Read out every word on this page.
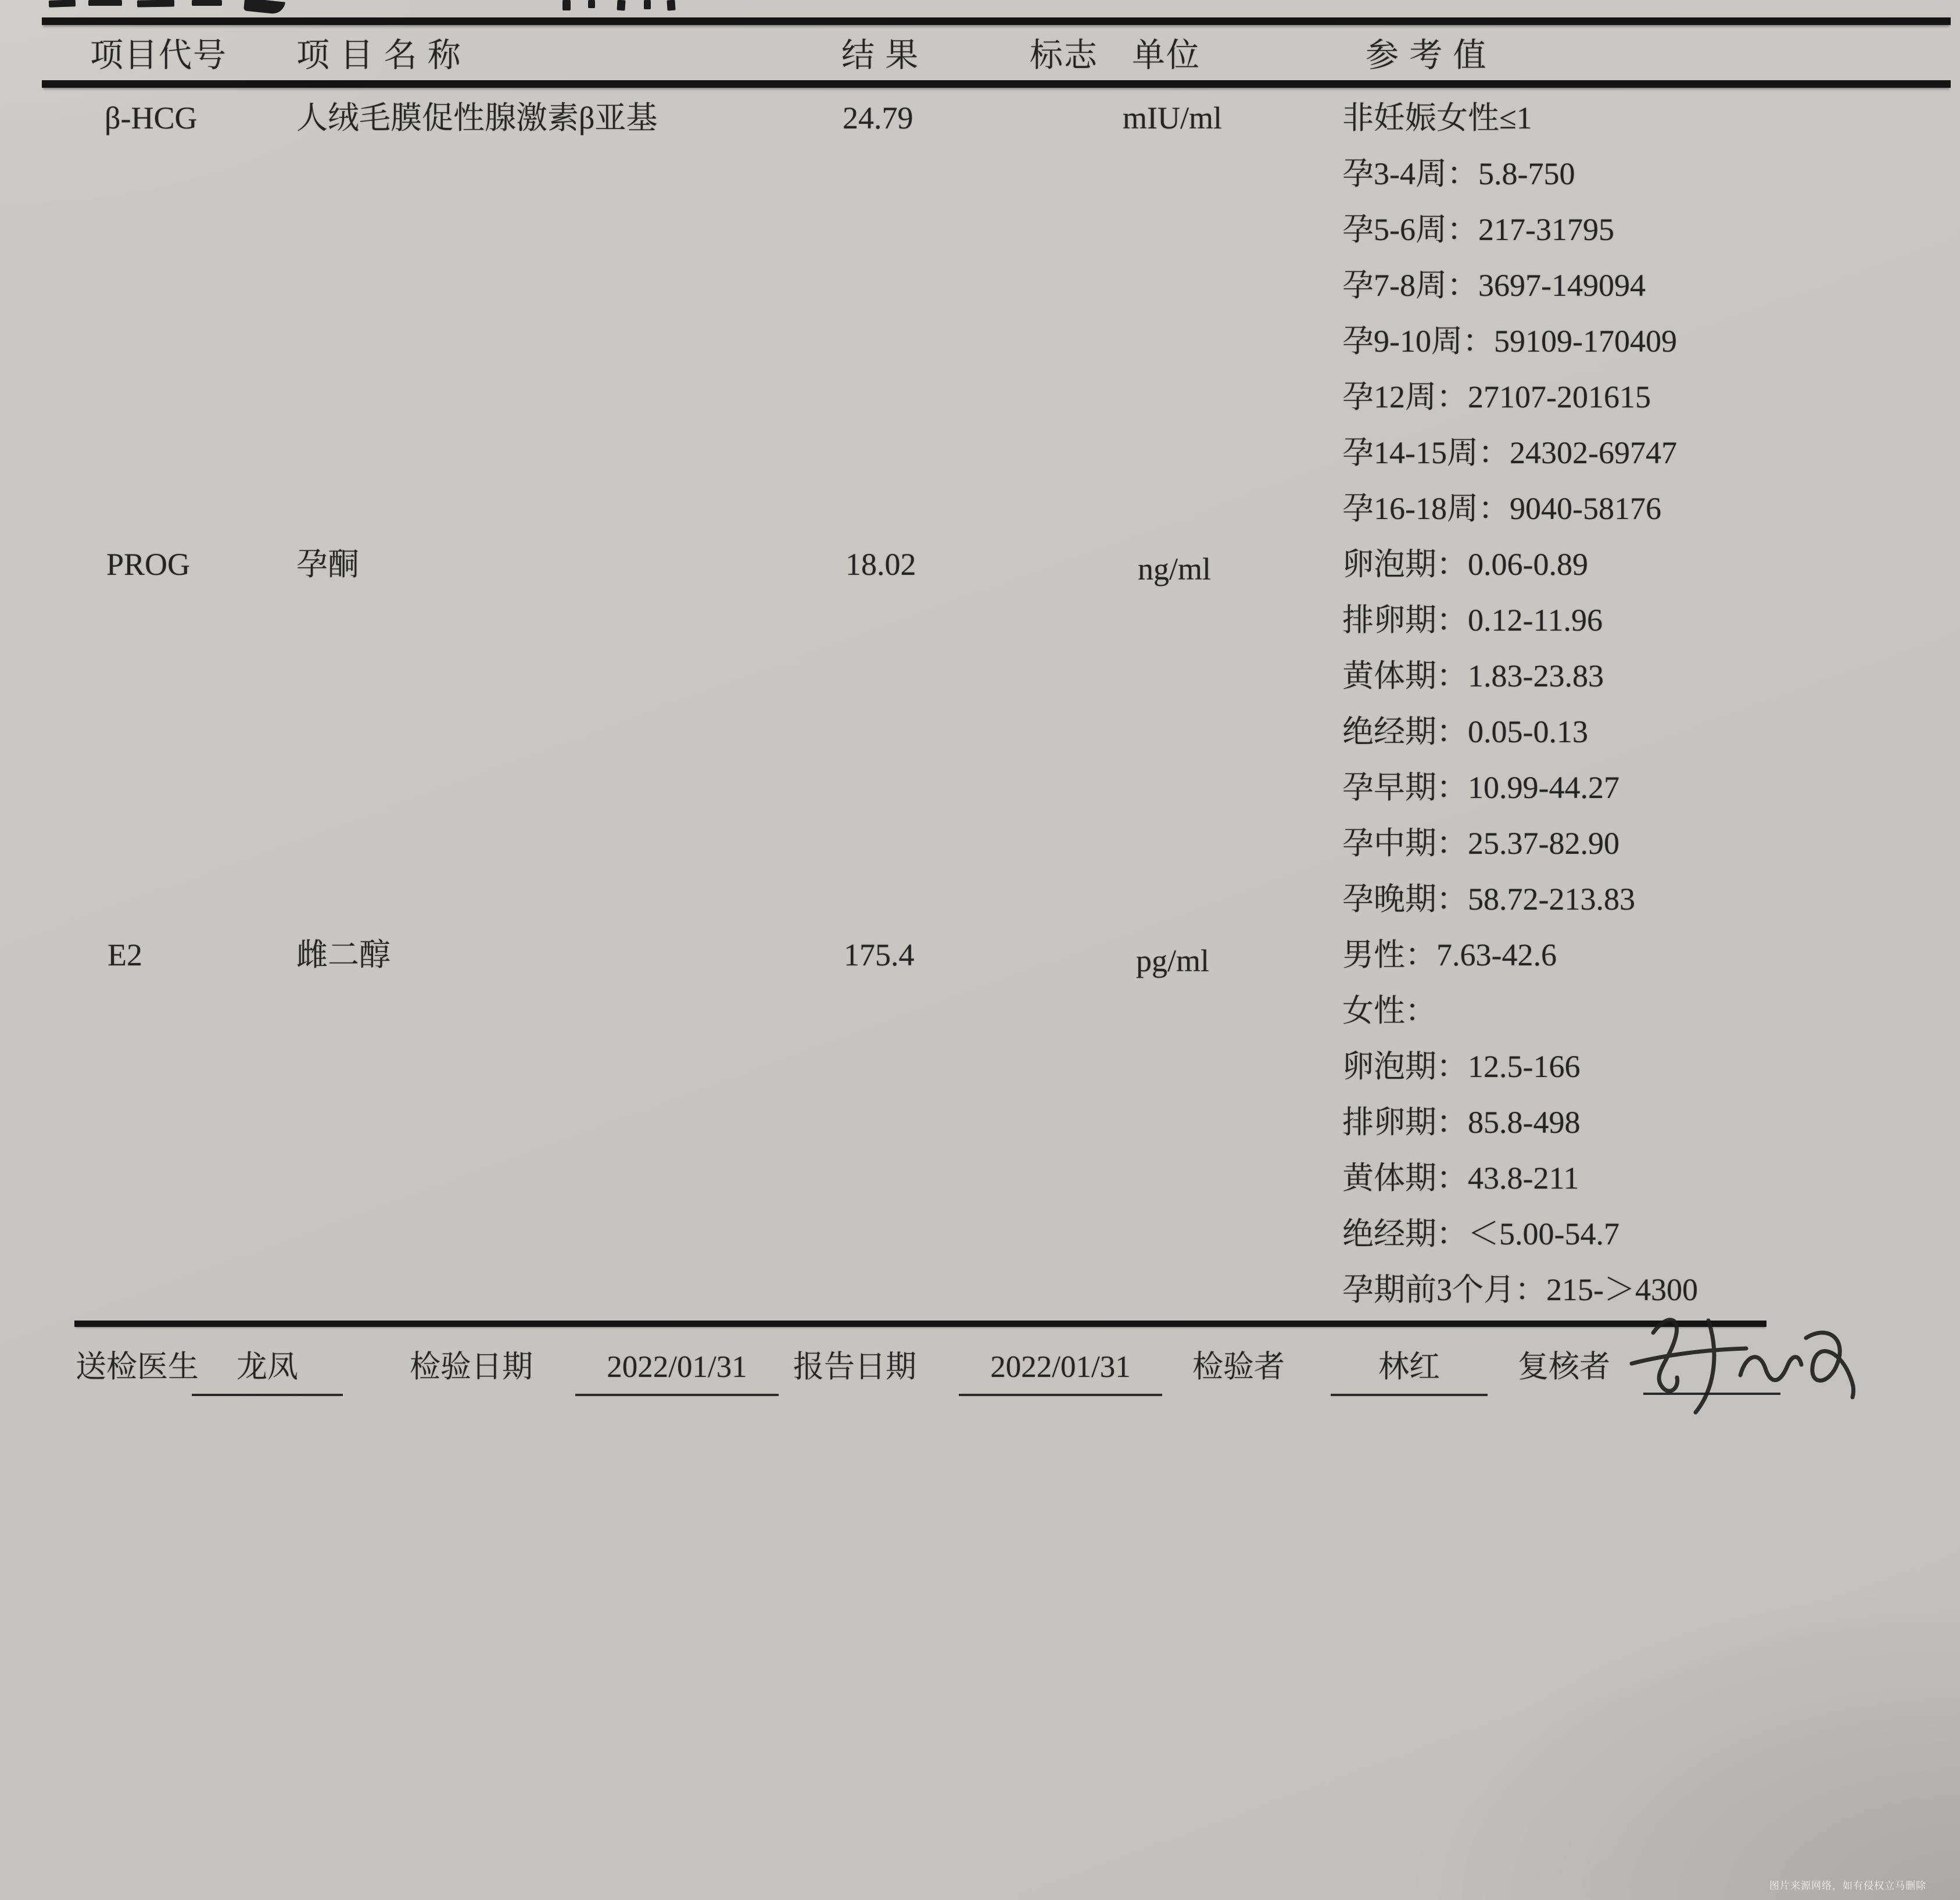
项目代号 项 目 名 称	结 果	标志 单位	参 考 值
β-HCG	人绒毛膜促性腺激素β亚基	24.79	mIU/ml	非妊娠女性≤1
孕3-4周：5.8-750
孕5-6周：217-31795
孕7-8周：3697-149094
孕9-10周：59109-170409
孕12周：27107-201615
孕14-15周：24302-69747
孕16-18周：9040-58176
PROG	孕酮	18.02	ng/ml	卵泡期：0.06-0.89
排卵期：0.12-11.96
黄体期：1.83-23.83
绝经期：0.05-0.13
孕早期：10.99-44.27
孕中期：25.37-82.90
孕晚期：58.72-213.83
E2	雌二醇	175.4	pg/ml	男性：7.63-42.6
女性：
卵泡期：12.5-166
排卵期：85.8-498
黄体期：43.8-211
绝经期：＜5.00-54.7
孕期前3个月：215-＞4300
送检医生	龙凤	检验日期	2022/01/31	报告日期	2022/01/31	检验者	林红	复核者
图片来源网络，如有侵权立马删除
